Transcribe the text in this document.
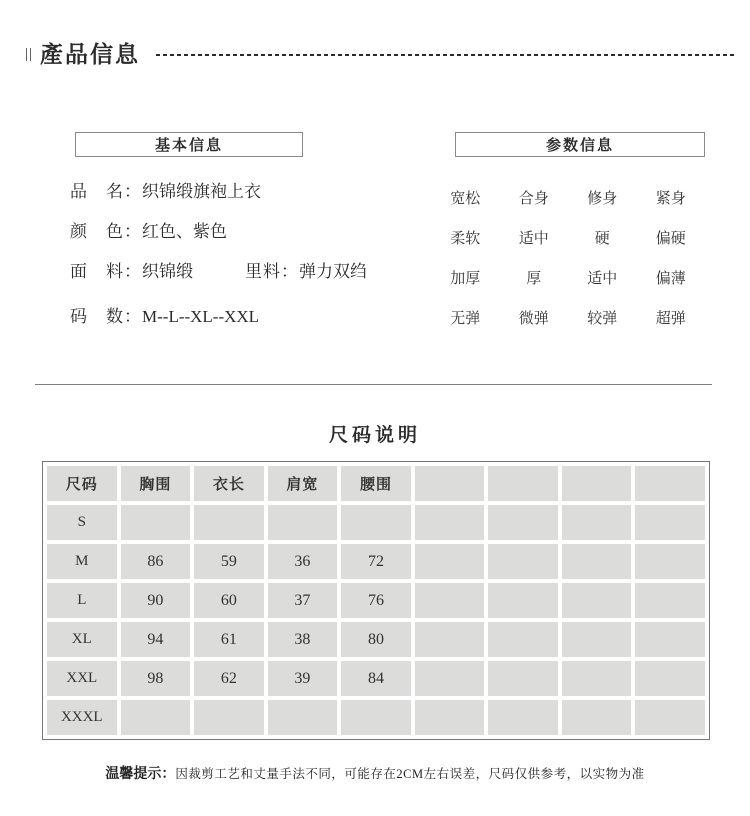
|| 產品信息
基本信息	参数信息
品　名：织锦缎旗袍上衣
颜　色：红色、紫色
面　料：织锦缎	里料：弹力双绉
码　数：M--L--XL--XXL
宽松	合身	修身	紧身
柔软	适中	硬	偏硬
加厚	厚	适中	偏薄
无弹	微弹	较弹	超弹
尺码说明
尺码	胸围	衣长	肩宽	腰围				
S								
M	86	59	36	72				
L	90	60	37	76				
XL	94	61	38	80				
XXL	98	62	39	84				
XXXL								

温馨提示：因裁剪工艺和丈量手法不同，可能存在2CM左右误差，尺码仅供参考，以实物为准
